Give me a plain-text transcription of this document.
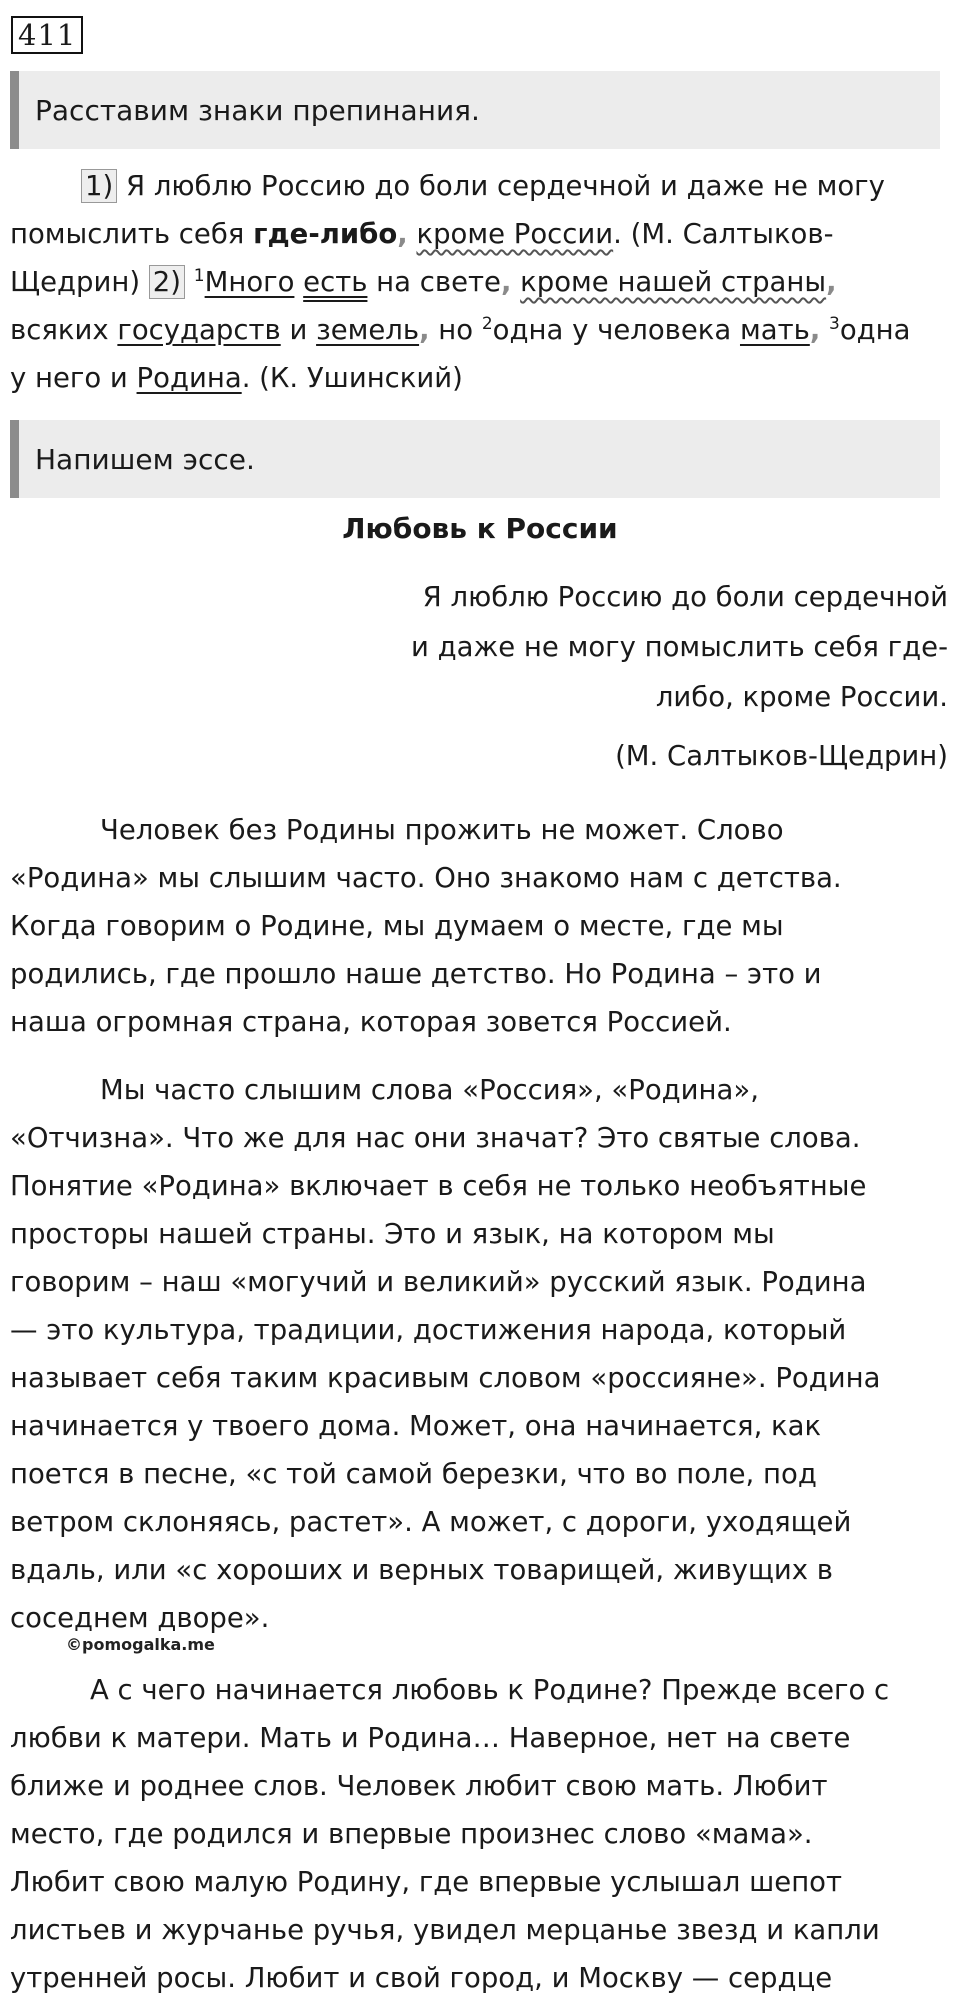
411
Расставим знаки препинания.
1) Я люблю Россию до боли сердечной и даже не могу
помыслить себя где-либо, кроме России. (М. Салтыков-
Щедрин) 2) $^1$Много есть на свете, кроме нашей страны,
всяких государств и земель, но $^2$одна у человека мать, $^3$одна
у него и Родина. (К. Ушинский)
Напишем эссе.
Любовь к России
Я люблю Россию до боли сердечной
и даже не могу помыслить себя где-
либо, кроме России.
(М. Салтыков-Щедрин)
Человек без Родины прожить не может. Слово
«Родина» мы слышим часто. Оно знакомо нам с детства.
Когда говорим о Родине, мы думаем о месте, где мы
родились, где прошло наше детство. Но Родина – это и
наша огромная страна, которая зовется Россией.
Мы часто слышим слова «Россия», «Родина»,
«Отчизна». Что же для нас они значат? Это святые слова.
Понятие «Родина» включает в себя не только необъятные
просторы нашей страны. Это и язык, на котором мы
говорим – наш «могучий и великий» русский язык. Родина
— это культура, традиции, достижения народа, который
называет себя таким красивым словом «россияне». Родина
начинается у твоего дома. Может, она начинается, как
поется в песне, «с той самой березки, что во поле, под
ветром склоняясь, растет». А может, с дороги, уходящей
вдаль, или «с хороших и верных товарищей, живущих в
соседнем дворе».
©pomogalka.me
А с чего начинается любовь к Родине? Прежде всего с
любви к матери. Мать и Родина… Наверное, нет на свете
ближе и роднее слов. Человек любит свою мать. Любит
место, где родился и впервые произнес слово «мама».
Любит свою малую Родину, где впервые услышал шепот
листьев и журчанье ручья, увидел мерцанье звезд и капли
утренней росы. Любит и свой город, и Москву — сердце
